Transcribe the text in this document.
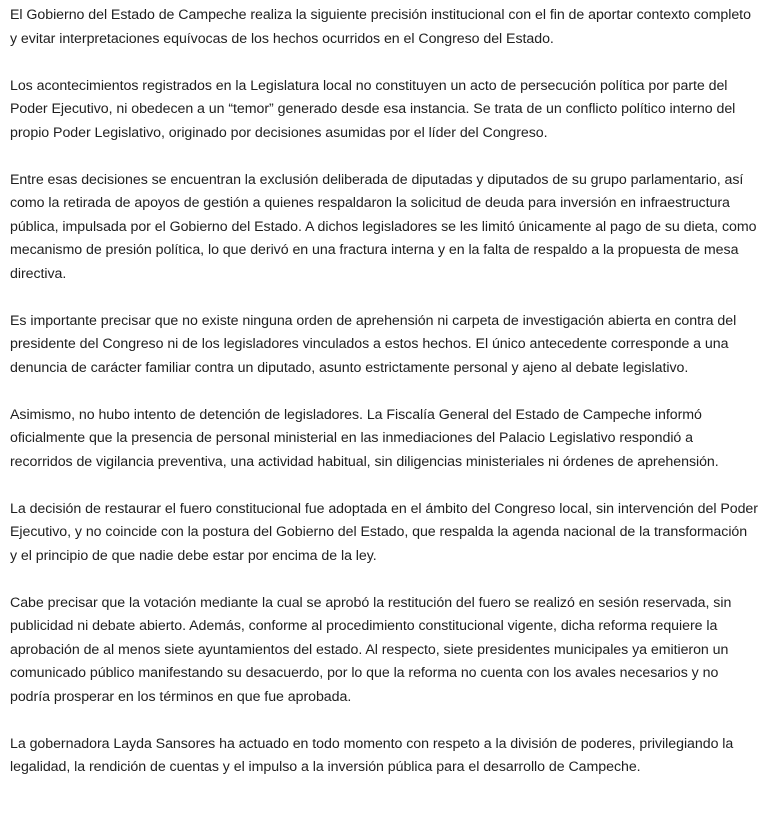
El Gobierno del Estado de Campeche realiza la siguiente precisión institucional con el fin de aportar contexto completo y evitar interpretaciones equívocas de los hechos ocurridos en el Congreso del Estado.

Los acontecimientos registrados en la Legislatura local no constituyen un acto de persecución política por parte del Poder Ejecutivo, ni obedecen a un “temor” generado desde esa instancia. Se trata de un conflicto político interno del propio Poder Legislativo, originado por decisiones asumidas por el líder del Congreso.

Entre esas decisiones se encuentran la exclusión deliberada de diputadas y diputados de su grupo parlamentario, así como la retirada de apoyos de gestión a quienes respaldaron la solicitud de deuda para inversión en infraestructura pública, impulsada por el Gobierno del Estado. A dichos legisladores se les limitó únicamente al pago de su dieta, como mecanismo de presión política, lo que derivó en una fractura interna y en la falta de respaldo a la propuesta de mesa directiva.

Es importante precisar que no existe ninguna orden de aprehensión ni carpeta de investigación abierta en contra del presidente del Congreso ni de los legisladores vinculados a estos hechos. El único antecedente corresponde a una denuncia de carácter familiar contra un diputado, asunto estrictamente personal y ajeno al debate legislativo.

Asimismo, no hubo intento de detención de legisladores. La Fiscalía General del Estado de Campeche informó oficialmente que la presencia de personal ministerial en las inmediaciones del Palacio Legislativo respondió a recorridos de vigilancia preventiva, una actividad habitual, sin diligencias ministeriales ni órdenes de aprehensión.

La decisión de restaurar el fuero constitucional fue adoptada en el ámbito del Congreso local, sin intervención del Poder Ejecutivo, y no coincide con la postura del Gobierno del Estado, que respalda la agenda nacional de la transformación y el principio de que nadie debe estar por encima de la ley.

Cabe precisar que la votación mediante la cual se aprobó la restitución del fuero se realizó en sesión reservada, sin publicidad ni debate abierto. Además, conforme al procedimiento constitucional vigente, dicha reforma requiere la aprobación de al menos siete ayuntamientos del estado. Al respecto, siete presidentes municipales ya emitieron un comunicado público manifestando su desacuerdo, por lo que la reforma no cuenta con los avales necesarios y no podría prosperar en los términos en que fue aprobada.

La gobernadora Layda Sansores ha actuado en todo momento con respeto a la división de poderes, privilegiando la legalidad, la rendición de cuentas y el impulso a la inversión pública para el desarrollo de Campeche.
